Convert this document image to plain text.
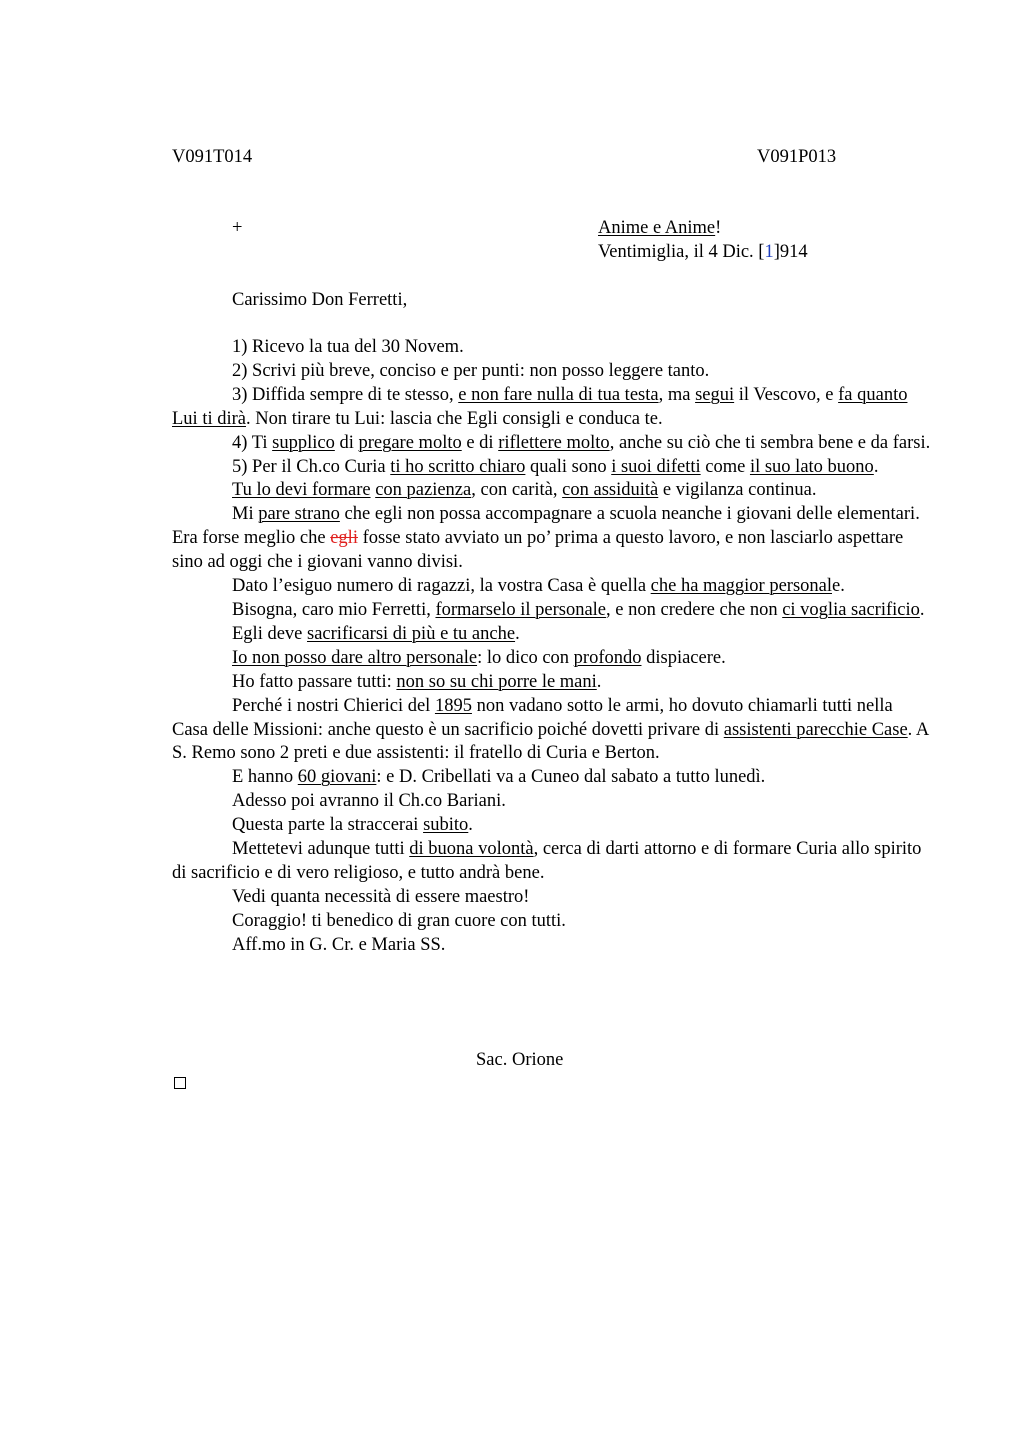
V091T014	V091P013
+	Anime e Anime!
Ventimiglia, il 4 Dic. [1]914
Carissimo Don Ferretti,

1) Ricevo la tua del 30 Novem.

2) Scrivi più breve, conciso e per punti: non posso leggere tanto.

3) Diffida sempre di te stesso, e non fare nulla di tua testa, ma segui il Vescovo, e fa quanto Lui ti dirà. Non tirare tu Lui: lascia che Egli consigli e conduca te.

4) Ti supplico di pregare molto e di riflettere molto, anche su ciò che ti sembra bene e da farsi.

5) Per il Ch.co Curia ti ho scritto chiaro quali sono i suoi difetti come il suo lato buono.

Tu lo devi formare con pazienza, con carità, con assiduità e vigilanza continua.

Mi pare strano che egli non possa accompagnare a scuola neanche i giovani delle elementari. Era forse meglio che egli fosse stato avviato un po’ prima a questo lavoro, e non lasciarlo aspettare sino ad oggi che i giovani vanno divisi.

Dato l’esiguo numero di ragazzi, la vostra Casa è quella che ha maggior personale.

Bisogna, caro mio Ferretti, formarselo il personale, e non credere che non ci voglia sacrificio.

Egli deve sacrificarsi di più e tu anche.

Io non posso dare altro personale: lo dico con profondo dispiacere.

Ho fatto passare tutti: non so su chi porre le mani.

Perché i nostri Chierici del 1895 non vadano sotto le armi, ho dovuto chiamarli tutti nella Casa delle Missioni: anche questo è un sacrificio poiché dovetti privare di assistenti parecchie Case. A S. Remo sono 2 preti e due assistenti: il fratello di Curia e Berton.

E hanno 60 giovani: e D. Cribellati va a Cuneo dal sabato a tutto lunedì.

Adesso poi avranno il Ch.co Bariani.

Questa parte la straccerai subito.

Mettetevi adunque tutti di buona volontà, cerca di darti attorno e di formare Curia allo spirito di sacrificio e di vero religioso, e tutto andrà bene.

Vedi quanta necessità di essere maestro!

Coraggio! ti benedico di gran cuore con tutti.

Aff.mo in G. Cr. e Maria SS.

Sac. Orione
